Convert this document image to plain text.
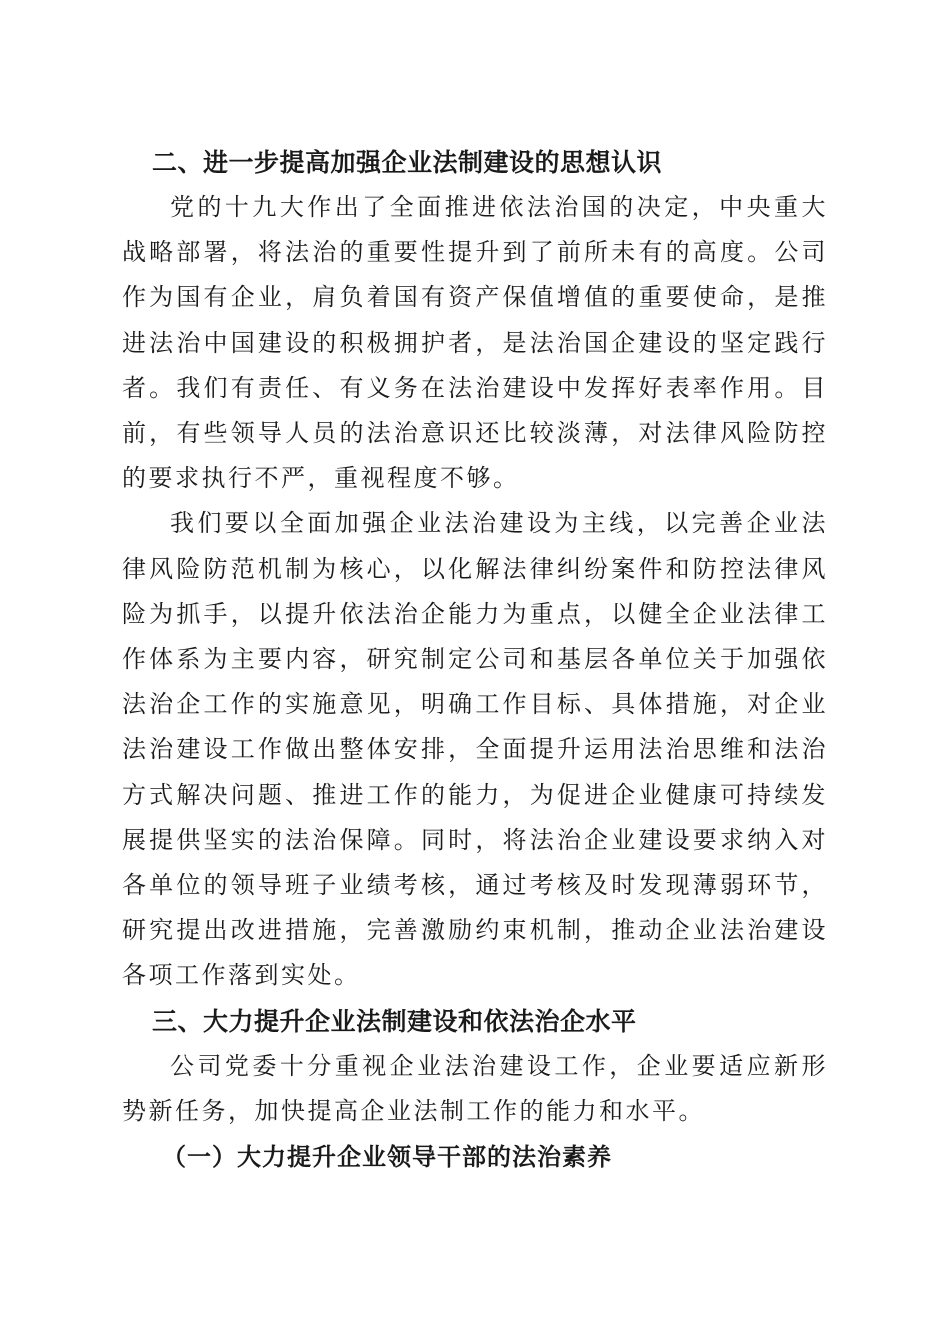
二、进一步提高加强企业法制建设的思想认识

党的十九大作出了全面推进依法治国的决定，中央重大战略部署，将法治的重要性提升到了前所未有的高度。公司作为国有企业，肩负着国有资产保值增值的重要使命，是推进法治中国建设的积极拥护者，是法治国企建设的坚定践行者。我们有责任、有义务在法治建设中发挥好表率作用。目前，有些领导人员的法治意识还比较淡薄，对法律风险防控的要求执行不严，重视程度不够。

我们要以全面加强企业法治建设为主线，以完善企业法律风险防范机制为核心，以化解法律纠纷案件和防控法律风险为抓手，以提升依法治企能力为重点，以健全企业法律工作体系为主要内容，研究制定公司和基层各单位关于加强依法治企工作的实施意见，明确工作目标、具体措施，对企业法治建设工作做出整体安排，全面提升运用法治思维和法治方式解决问题、推进工作的能力，为促进企业健康可持续发展提供坚实的法治保障。同时，将法治企业建设要求纳入对各单位的领导班子业绩考核，通过考核及时发现薄弱环节，研究提出改进措施，完善激励约束机制，推动企业法治建设各项工作落到实处。

三、大力提升企业法制建设和依法治企水平

公司党委十分重视企业法治建设工作，企业要适应新形势新任务，加快提高企业法制工作的能力和水平。

（一）大力提升企业领导干部的法治素养
